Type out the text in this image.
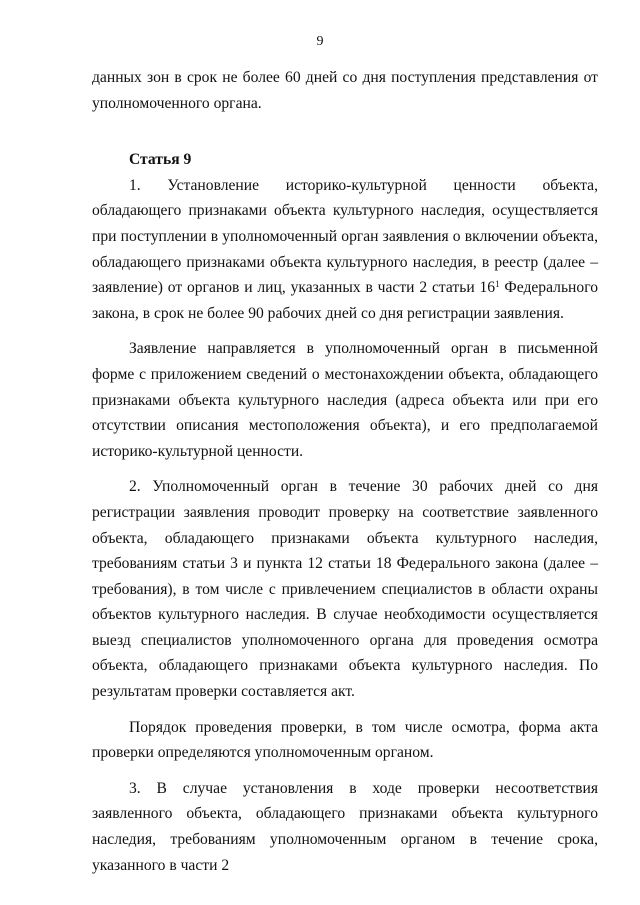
9

данных зон в срок не более 60 дней со дня поступления представления от уполномоченного органа.

Статья 9

1. Установление историко-культурной ценности объекта, обладающего признаками объекта культурного наследия, осуществляется при поступлении в уполномоченный орган заявления о включении объекта, обладающего признаками объекта культурного наследия, в реестр (далее – заявление) от органов и лиц, указанных в части 2 статьи $16^1$ Федерального закона, в срок не более 90 рабочих дней со дня регистрации заявления.

Заявление направляется в уполномоченный орган в письменной форме с приложением сведений о местонахождении объекта, обладающего признаками объекта культурного наследия (адреса объекта или при его отсутствии описания местоположения объекта), и его предполагаемой историко-культурной ценности.

2. Уполномоченный орган в течение 30 рабочих дней со дня регистрации заявления проводит проверку на соответствие заявленного объекта, обладающего признаками объекта культурного наследия, требованиям статьи 3 и пункта 12 статьи 18 Федерального закона (далее – требования), в том числе с привлечением специалистов в области охраны объектов культурного наследия. В случае необходимости осуществляется выезд специалистов уполномоченного органа для проведения осмотра объекта, обладающего признаками объекта культурного наследия. По результатам проверки составляется акт.

Порядок проведения проверки, в том числе осмотра, форма акта проверки определяются уполномоченным органом.

3. В случае установления в ходе проверки несоответствия заявленного объекта, обладающего признаками объекта культурного наследия, требованиям уполномоченным органом в течение срока, указанного в части 2
